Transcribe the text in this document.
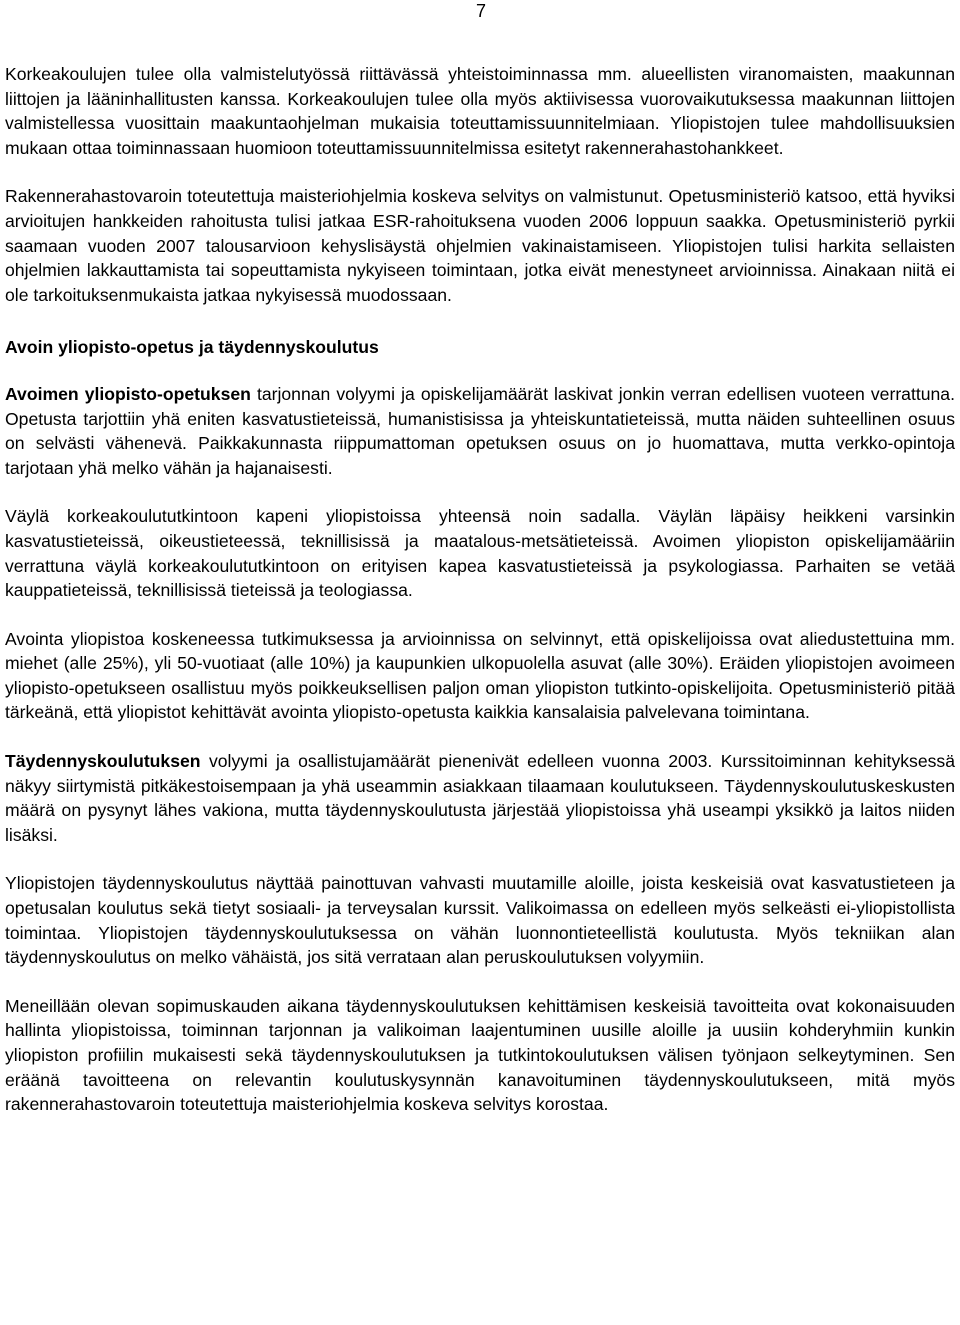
7

Korkeakoulujen tulee olla valmistelutyössä riittävässä yhteistoiminnassa mm. alueellisten viranomaisten, maakunnan liittojen ja lääninhallitusten kanssa. Korkeakoulujen tulee olla myös aktiivisessa vuorovaikutuksessa maakunnan liittojen valmistellessa vuosittain maakuntaohjelman mukaisia toteuttamissuunnitelmiaan. Yliopistojen tulee mahdollisuuksien mukaan ottaa toiminnassaan huomioon toteuttamissuunnitelmissa esitetyt rakennerahastohankkeet.

Rakennerahastovaroin toteutettuja maisteriohjelmia koskeva selvitys on valmistunut. Opetusministeriö katsoo, että hyviksi arvioitujen hankkeiden rahoitusta tulisi jatkaa ESR-rahoituksena vuoden 2006 loppuun saakka. Opetusministeriö pyrkii saamaan vuoden 2007 talousarvioon kehyslisäystä ohjelmien vakinaistamiseen. Yliopistojen tulisi harkita sellaisten ohjelmien lakkauttamista tai sopeuttamista nykyiseen toimintaan, jotka eivät menestyneet arvioinnissa. Ainakaan niitä ei ole tarkoituksenmukaista jatkaa nykyisessä muodossaan.

Avoin yliopisto-opetus ja täydennyskoulutus

Avoimen yliopisto-opetuksen tarjonnan volyymi ja opiskelijamäärät laskivat jonkin verran edellisen vuoteen verrattuna. Opetusta tarjottiin yhä eniten kasvatustieteissä, humanistisissa ja yhteiskuntatieteissä, mutta näiden suhteellinen osuus on selvästi vähenevä. Paikkakunnasta riippumattoman opetuksen osuus on jo huomattava, mutta verkko-opintoja tarjotaan yhä melko vähän ja hajanaisesti.

Väylä korkeakoulututkintoon kapeni yliopistoissa yhteensä noin sadalla. Väylän läpäisy heikkeni varsinkin kasvatustieteissä, oikeustieteessä, teknillisissä ja maatalous-metsätieteissä. Avoimen yliopiston opiskelijamääriin verrattuna väylä korkeakoulututkintoon on erityisen kapea kasvatustieteissä ja psykologiassa. Parhaiten se vetää kauppatieteissä, teknillisissä tieteissä ja teologiassa.

Avointa yliopistoa koskeneessa tutkimuksessa ja arvioinnissa on selvinnyt, että opiskelijoissa ovat aliedustettuina mm. miehet (alle 25%), yli 50-vuotiaat (alle 10%) ja kaupunkien ulkopuolella asuvat (alle 30%). Eräiden yliopistojen avoimeen yliopisto-opetukseen osallistuu myös poikkeuksellisen paljon oman yliopiston tutkinto-opiskelijoita. Opetusministeriö pitää tärkeänä, että yliopistot kehittävät avointa yliopisto-opetusta kaikkia kansalaisia palvelevana toimintana.

Täydennyskoulutuksen volyymi ja osallistujamäärät pienenivät edelleen vuonna 2003. Kurssitoiminnan kehityksessä näkyy siirtymistä pitkäkestoisempaan ja yhä useammin asiakkaan tilaamaan koulutukseen. Täydennyskoulutuskeskusten määrä on pysynyt lähes vakiona, mutta täydennyskoulutusta järjestää yliopistoissa yhä useampi yksikkö ja laitos niiden lisäksi.

Yliopistojen täydennyskoulutus näyttää painottuvan vahvasti muutamille aloille, joista keskeisiä ovat kasvatustieteen ja opetusalan koulutus sekä tietyt sosiaali- ja terveysalan kurssit. Valikoimassa on edelleen myös selkeästi ei-yliopistollista toimintaa. Yliopistojen täydennyskoulutuksessa on vähän luonnontieteellistä koulutusta. Myös tekniikan alan täydennyskoulutus on melko vähäistä, jos sitä verrataan alan peruskoulutuksen volyymiin.

Meneillään olevan sopimuskauden aikana täydennyskoulutuksen kehittämisen keskeisiä tavoitteita ovat kokonaisuuden hallinta yliopistoissa, toiminnan tarjonnan ja valikoiman laajentuminen uusille aloille ja uusiin kohderyhmiin kunkin yliopiston profiilin mukaisesti sekä täydennyskoulutuksen ja tutkintokoulutuksen välisen työnjaon selkeytyminen. Sen eräänä tavoitteena on relevantin koulutuskysynnän kanavoituminen täydennyskoulutukseen, mitä myös rakennerahastovaroin toteutettuja maisteriohjelmia koskeva selvitys korostaa.
